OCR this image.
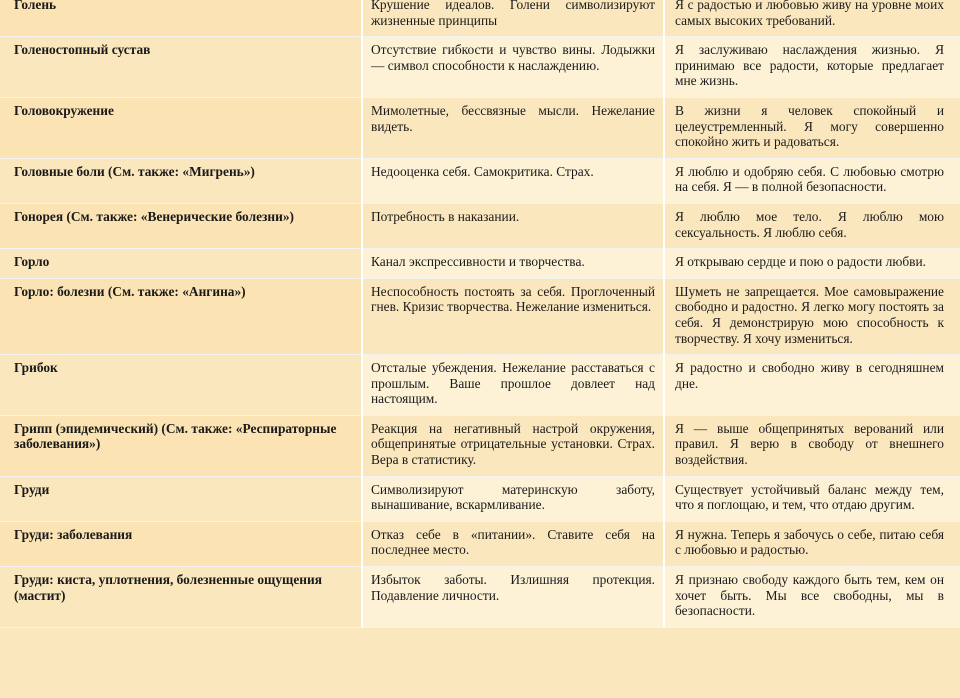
Голень	Крушение идеалов. Голени символизируют жизненные принципы	Я с радостью и любовью живу на уровне моих самых высоких требований.
Голеностопный сустав	Отсутствие гибкости и чувство вины. Лодыжки — символ способности к наслаждению.	Я заслуживаю наслаждения жизнью. Я принимаю все радости, которые предлагает мне жизнь.
Головокружение	Мимолетные, бессвязные мысли. Нежелание видеть.	В жизни я человек спокойный и целеустремленный. Я могу совершенно спокойно жить и радоваться.
Головные боли (См. также: «Мигрень»)	Недооценка себя. Самокритика. Страх.	Я люблю и одобряю себя. С любовью смотрю на себя. Я — в полной безопасности.
Гонорея (См. также: «Венерические болезни»)	Потребность в наказании.	Я люблю мое тело. Я люблю мою сексуальность. Я люблю себя.
Горло	Канал экспрессивности и творчества.	Я открываю сердце и пою о радости любви.
Горло: болезни (См. также: «Ангина»)	Неспособность постоять за себя. Проглоченный гнев. Кризис творчества. Нежелание измениться.	Шуметь не запрещается. Мое самовыражение свободно и радостно. Я легко могу постоять за себя. Я демонстрирую мою способность к творчеству. Я хочу измениться.
Грибок	Отсталые убеждения. Нежелание расставаться с прошлым. Ваше прошлое довлеет над настоящим.	Я радостно и свободно живу в сегодняшнем дне.
Грипп (эпидемический) (См. также: «Респираторные заболевания»)	Реакция на негативный настрой окружения, общепринятые отрицательные установки. Страх. Вера в статистику.	Я — выше общепринятых верований или правил. Я верю в свободу от внешнего воздействия.
Груди	Символизируют материнскую заботу, вынашивание, вскармливание.	Существует устойчивый баланс между тем, что я поглощаю, и тем, что отдаю другим.
Груди: заболевания	Отказ себе в «питании». Ставите себя на последнее место.	Я нужна. Теперь я забочусь о себе, питаю себя с любовью и радостью.
Груди: киста, уплотнения, болезненные ощущения (мастит)	Избыток заботы. Излишняя протекция. Подавление личности.	Я признаю свободу каждого быть тем, кем он хочет быть. Мы все свободны, мы в безопасности.
